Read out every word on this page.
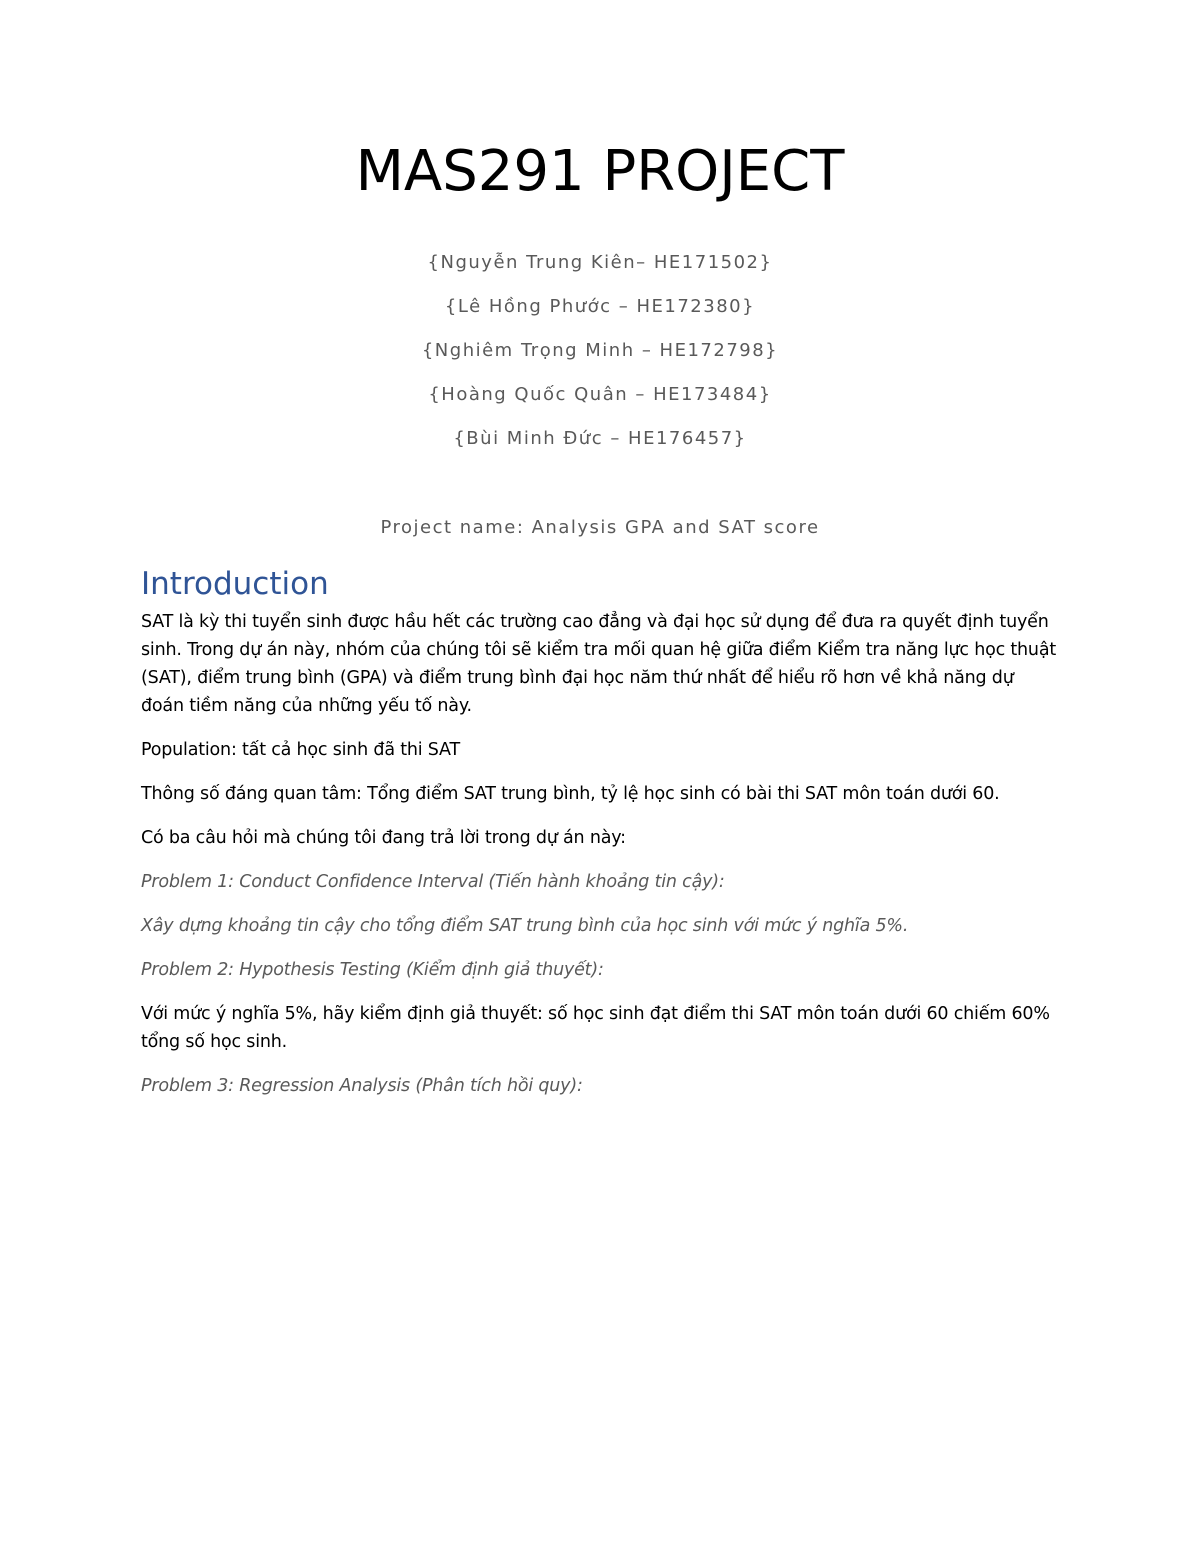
MAS291 PROJECT
{Nguyễn Trung Kiên– HE171502}
{Lê Hồng Phước – HE172380}
{Nghiêm Trọng Minh – HE172798}
{Hoàng Quốc Quân – HE173484}
{Bùi Minh Đức – HE176457}
Project name: Analysis GPA and SAT score
Introduction

SAT là kỳ thi tuyển sinh được hầu hết các trường cao đẳng và đại học sử dụng để đưa ra quyết định tuyển sinh. Trong dự án này, nhóm của chúng tôi sẽ kiểm tra mối quan hệ giữa điểm Kiểm tra năng lực học thuật (SAT), điểm trung bình (GPA) và điểm trung bình đại học năm thứ nhất để hiểu rõ hơn về khả năng dự đoán tiềm năng của những yếu tố này.

Population: tất cả học sinh đã thi SAT

Thông số đáng quan tâm: Tổng điểm SAT trung bình, tỷ lệ học sinh có bài thi SAT môn toán dưới 60.

Có ba câu hỏi mà chúng tôi đang trả lời trong dự án này:

Problem 1: Conduct Confidence Interval (Tiến hành khoảng tin cậy):

Xây dựng khoảng tin cậy cho tổng điểm SAT trung bình của học sinh với mức ý nghĩa 5%.

Problem 2: Hypothesis Testing (Kiểm định giả thuyết):

Với mức ý nghĩa 5%, hãy kiểm định giả thuyết: số học sinh đạt điểm thi SAT môn toán dưới 60 chiếm 60% tổng số học sinh.

Problem 3: Regression Analysis (Phân tích hồi quy):
